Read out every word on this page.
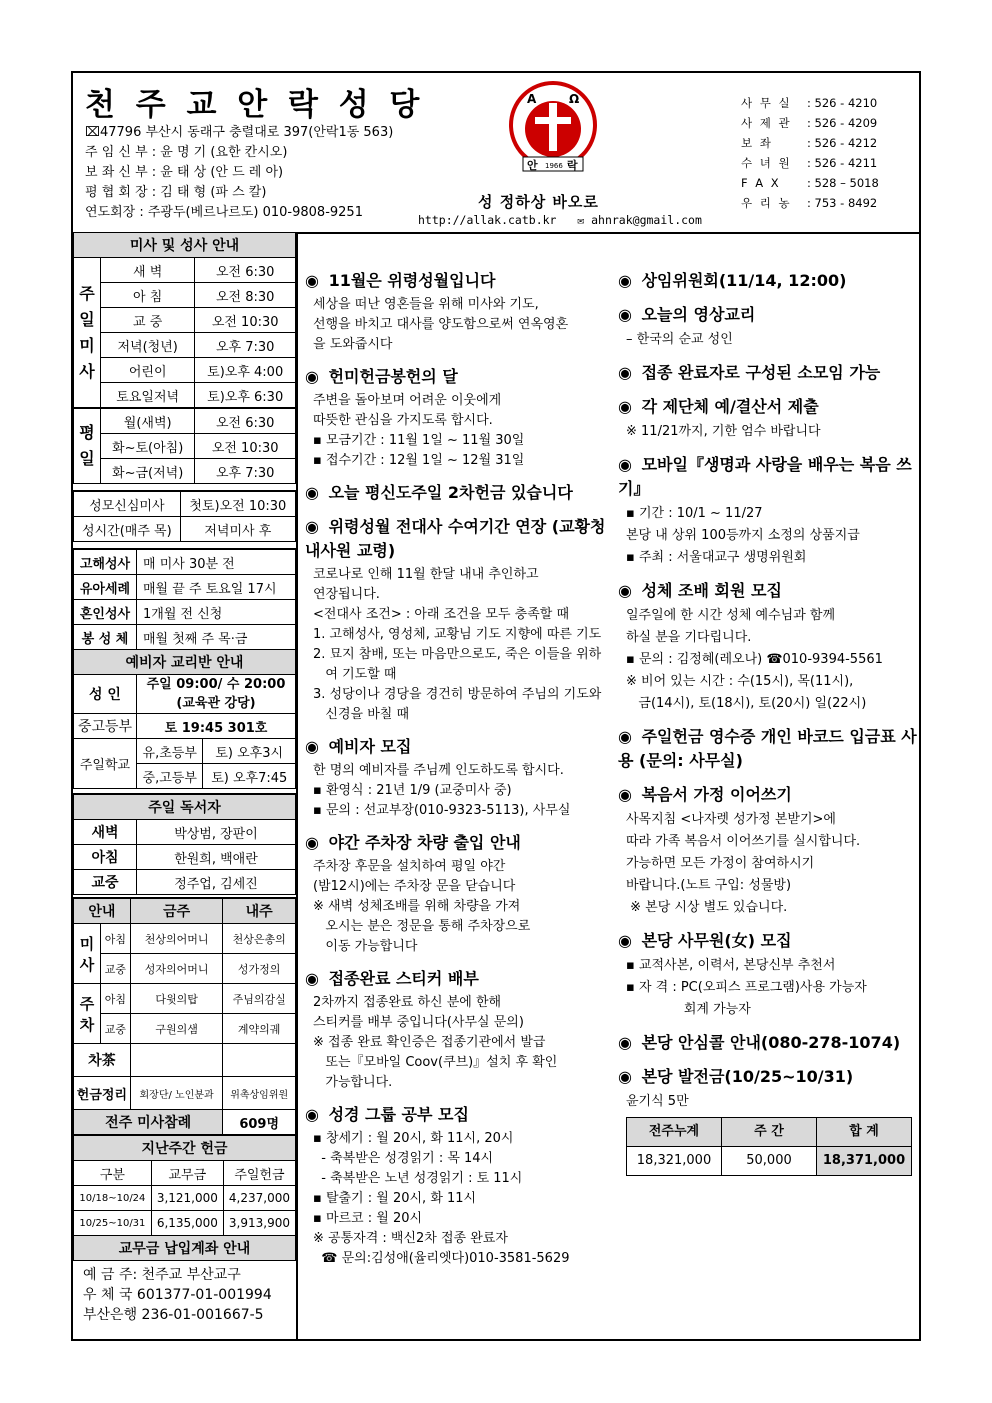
천 주 교 안 락 성 당
⌧47796 부산시 동래구 충렬대로 397(안락1동 563)
주 임 신 부 : 윤 명 기 (요한 칸시오)
보 좌 신 부 : 윤 태 상 (안 드 레 아)
평 협 회 장 : 김 태 형 (파 스 칼)
연도회장 : 주광두(베르나르도) 010-9808-9251
A	Ω
안 1966 락
성 정하상 바오로
http://allak.catb.kr ✉ ahnrak@gmail.com
사 무 실	: 526 - 4210
사 제 관	: 526 - 4209
보 좌	: 526 - 4212
수 녀 원	: 526 - 4211
F A X	: 528 – 5018
우 리 농	: 753 - 8492
미사 및 성사 안내		

주
일
미
사	새 벽	오전 6:30
	아 침	오전 8:30
	교 중	오전 10:30
	저녁(청년)	오후 7:30
	어린이	토)오후 4:00
	토요일저녁	토)오후 6:30

평
일	월(새벽)	오전 6:30
	화~토(아침)	오전 10:30
	화~금(저녁)	오후 7:30
성모신심미사	첫토)오전 10:30
성시간(매주 목)	저녁미사 후
고해성사	매 미사 30분 전	
유아세례	매월 끝 주 토요일 17시	
혼인성사	1개월 전 신청	
봉 성 체	매월 첫째 주 목·금	
예비자 교리반 안내		
성 인	주일 09:00/ 수 20:00
(교육관 강당)	

중고등부	토 19:45 301호	
주일학교	유,초등부	토) 오후3시
	중,고등부	토) 오후7:45
주일 독서자	
새벽	박상범, 장판이
아침	한원희, 백애란
교중	정주업, 김세진
안내		금주	내주

미
사	아침	천상의어머니	천상은총의
	교중	성자의어머니	성가정의

주
차	아침	다윗의탑	주님의감실
	교중	구원의샘	계약의궤
차茶			
헌금정리		회장단/ 노인분과	위촉상임위원
전주 미사참례			609명
지난주간 헌금		
구분	교무금	주일헌금
10/18~10/24	3,121,000	4,237,000
10/25~10/31	6,135,000	3,913,900
교무금 납입계좌 안내		
예 금 주: 천주교 부산교구
우 체 국 601377-01-001994
부산은행 236-01-001667-5
◉ 11월은 위령성월입니다
세상을 떠난 영혼들을 위해 미사와 기도,
선행을 바치고 대사를 양도함으로써 연옥영혼
을 도와줍시다
◉ 헌미헌금봉헌의 달
주변을 돌아보며 어려운 이웃에게
따뜻한 관심을 가지도록 합시다.
▪ 모금기간 : 11월 1일 ~ 11월 30일
▪ 접수기간 : 12월 1일 ~ 12월 31일
◉ 오늘 평신도주일 2차헌금 있습니다
◉ 위령성월 전대사 수여기간 연장 (교황청 내사원 교령)
코로나로 인해 11월 한달 내내 추인하고
연장됩니다.
<전대사 조건> : 아래 조건을 모두 충족할 때
1. 고해성사, 영성체, 교황님 기도 지향에 따른 기도
2. 묘지 참배, 또는 마음만으로도, 죽은 이들을 위하
여 기도할 때
3. 성당이나 경당을 경건히 방문하여 주님의 기도와
신경을 바칠 때
◉ 예비자 모집
한 명의 예비자를 주님께 인도하도록 합시다.
▪ 환영식 : 21년 1/9 (교중미사 중)
▪ 문의 : 선교부장(010-9323-5113), 사무실
◉ 야간 주차장 차량 출입 안내
주차장 후문을 설치하여 평일 야간
(밤12시)에는 주차장 문을 닫습니다
※ 새벽 성체조배를 위해 차량을 가져
오시는 분은 정문을 통해 주차장으로
이동 가능합니다
◉ 접종완료 스티커 배부
2차까지 접종완료 하신 분에 한해
스티커를 배부 중입니다(사무실 문의)
※ 접종 완료 확인증은 접종기관에서 발급
또는『모바일 Coov(쿠브)』설치 후 확인
가능합니다.
◉ 성경 그룹 공부 모집
▪ 창세기 : 월 20시, 화 11시, 20시
- 축복받은 성경읽기 : 목 14시
- 축복받은 노년 성경읽기 : 토 11시
▪ 탈출기 : 월 20시, 화 11시
▪ 마르코 : 월 20시
※ 공통자격 : 백신2차 접종 완료자
☎ 문의:김성애(율리엣다)010-3581-5629
◉ 상임위원회(11/14, 12:00)
◉ 오늘의 영상교리
– 한국의 순교 성인
◉ 접종 완료자로 구성된 소모임 가능
◉ 각 제단체 예/결산서 제출
※ 11/21까지, 기한 엄수 바랍니다
◉ 모바일『생명과 사랑을 배우는 복음 쓰기』
▪ 기간 : 10/1 ~ 11/27
본당 내 상위 100등까지 소정의 상품지급
▪ 주최 : 서울대교구 생명위원회
◉ 성체 조배 회원 모집
일주일에 한 시간 성체 예수님과 함께
하실 분을 기다립니다.
▪ 문의 : 김정혜(레오나) ☎010-9394-5561
※ 비어 있는 시간 : 수(15시), 목(11시),
금(14시), 토(18시), 토(20시) 일(22시)
◉ 주일헌금 영수증 개인 바코드 입금표 사용 (문의: 사무실)
◉ 복음서 가정 이어쓰기
사목지침 <나자렛 성가정 본받기>에
따라 가족 복음서 이어쓰기를 실시합니다.
가능하면 모든 가정이 참여하시기
바랍니다.(노트 구입: 성물방)
※ 본당 시상 별도 있습니다.
◉ 본당 사무원(女) 모집
▪ 교적사본, 이력서, 본당신부 추천서
▪ 자 격 : PC(오피스 프로그램)사용 가능자
회계 가능자
◉ 본당 안심콜 안내(080-278-1074)
◉ 본당 발전금(10/25~10/31)
윤기식 5만
전주누계	주 간	합 계
18,321,000	50,000	18,371,000
